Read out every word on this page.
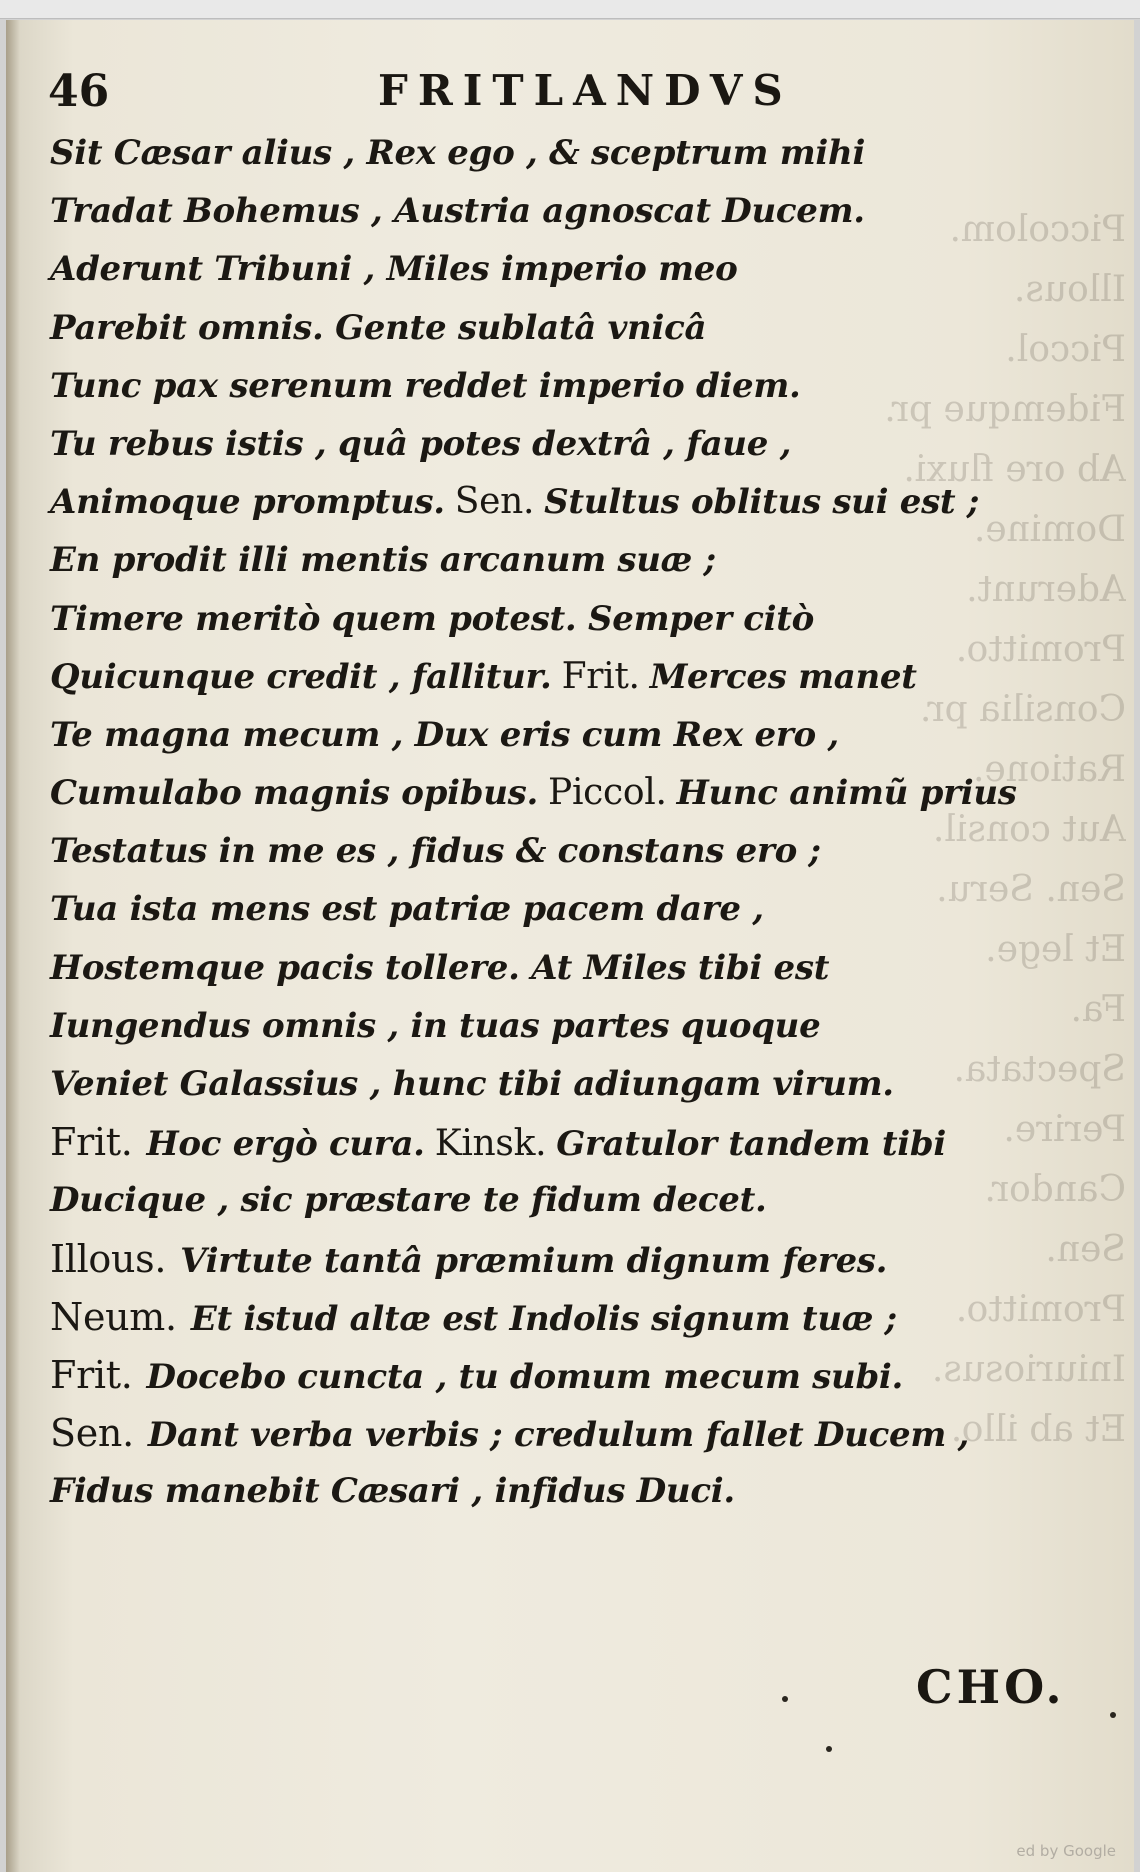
Piccolom.
Illous.
Piccol.
Fidemque pr.
Ab ore fluxi.
Domine.
Aderunt.
Promitto.
Consilia pr.
Ratione.
Aut consil.
Sen. Seru.
Et lege.
Fa.
Spectata.
Perire.
Candor.
Sen.
Promitto.
Iniuriosus.
Et ab illo.
46	FRITLANDVS
Sit Cæsar alius , Rex ego , & sceptrum mihi
Tradat Bohemus , Austria agnoscat Ducem.
Aderunt Tribuni , Miles imperio meo
Parebit omnis. Gente sublatâ vnicâ
Tunc pax serenum reddet imperio diem.
Tu rebus istis , quâ potes dextrâ , faue ,
Animoque promptus. Sen. Stultus oblitus sui est ;
En prodit illi mentis arcanum suæ ;
Timere meritò quem potest. Semper citò
Quicunque credit , fallitur. Frit. Merces manet
Te magna mecum , Dux eris cum Rex ero ,
Cumulabo magnis opibus. Piccol. Hunc animũ prius
Testatus in me es , fidus & constans ero ;
Tua ista mens est patriæ pacem dare ,
Hostemque pacis tollere. At Miles tibi est
Iungendus omnis , in tuas partes quoque
Veniet Galassius , hunc tibi adiungam virum.
Frit. Hoc ergò cura. Kinsk. Gratulor tandem tibi
Ducique , sic præstare te fidum decet.
Illous. Virtute tantâ præmium dignum feres.
Neum. Et istud altæ est Indolis signum tuæ ;
Frit. Docebo cuncta , tu domum mecum subi.
Sen. Dant verba verbis ; credulum fallet Ducem ,
Fidus manebit Cæsari , infidus Duci.
CHO.
ed by Google
